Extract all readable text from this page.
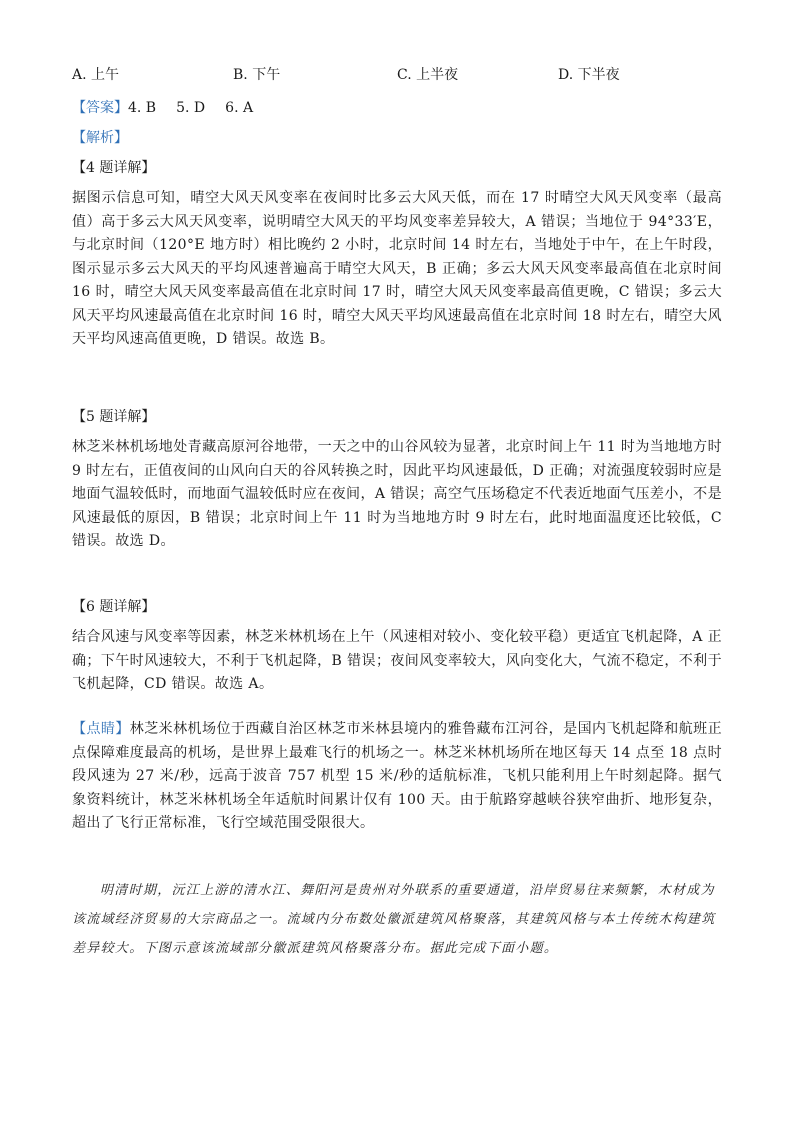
A. 上午	B. 下午	C. 上半夜	D. 下半夜
【答案】4. B 5. D 6. A
【解析】
【4 题详解】
据图示信息可知，晴空大风天风变率在夜间时比多云大风天低，而在 17 时晴空大风天风变率（最高值）高于多云大风天风变率，说明晴空大风天的平均风变率差异较大，A 错误；当地位于 94°33′E，与北京时间（120°E 地方时）相比晚约 2 小时，北京时间 14 时左右，当地处于中午，在上午时段，图示显示多云大风天的平均风速普遍高于晴空大风天，B 正确；多云大风天风变率最高值在北京时间 16 时，晴空大风天风变率最高值在北京时间 17 时，晴空大风天风变率最高值更晚，C 错误；多云大风天平均风速最高值在北京时间 16 时，晴空大风天平均风速最高值在北京时间 18 时左右，晴空大风天平均风速高值更晚，D 错误。故选 B。
【5 题详解】
林芝米林机场地处青藏高原河谷地带，一天之中的山谷风较为显著，北京时间上午 11 时为当地地方时 9 时左右，正值夜间的山风向白天的谷风转换之时，因此平均风速最低，D 正确；对流强度较弱时应是地面气温较低时，而地面气温较低时应在夜间，A 错误；高空气压场稳定不代表近地面气压差小，不是风速最低的原因，B 错误；北京时间上午 11 时为当地地方时 9 时左右，此时地面温度还比较低，C 错误。故选 D。
【6 题详解】
结合风速与风变率等因素，林芝米林机场在上午（风速相对较小、变化较平稳）更适宜飞机起降，A 正确；下午时风速较大，不利于飞机起降，B 错误；夜间风变率较大，风向变化大，气流不稳定，不利于飞机起降，CD 错误。故选 A。
【点睛】林芝米林机场位于西藏自治区林芝市米林县境内的雅鲁藏布江河谷，是国内飞机起降和航班正点保障难度最高的机场，是世界上最难飞行的机场之一。林芝米林机场所在地区每天 14 点至 18 点时段风速为 27 米/秒，远高于波音 757 机型 15 米/秒的适航标准，飞机只能利用上午时刻起降。据气象资料统计，林芝米林机场全年适航时间累计仅有 100 天。由于航路穿越峡谷狭窄曲折、地形复杂，超出了飞行正常标准，飞行空域范围受限很大。
明清时期，沅江上游的清水江、舞阳河是贵州对外联系的重要通道，沿岸贸易往来频繁，木材成为该流域经济贸易的大宗商品之一。流域内分布数处徽派建筑风格聚落，其建筑风格与本土传统木构建筑差异较大。下图示意该流域部分徽派建筑风格聚落分布。据此完成下面小题。
